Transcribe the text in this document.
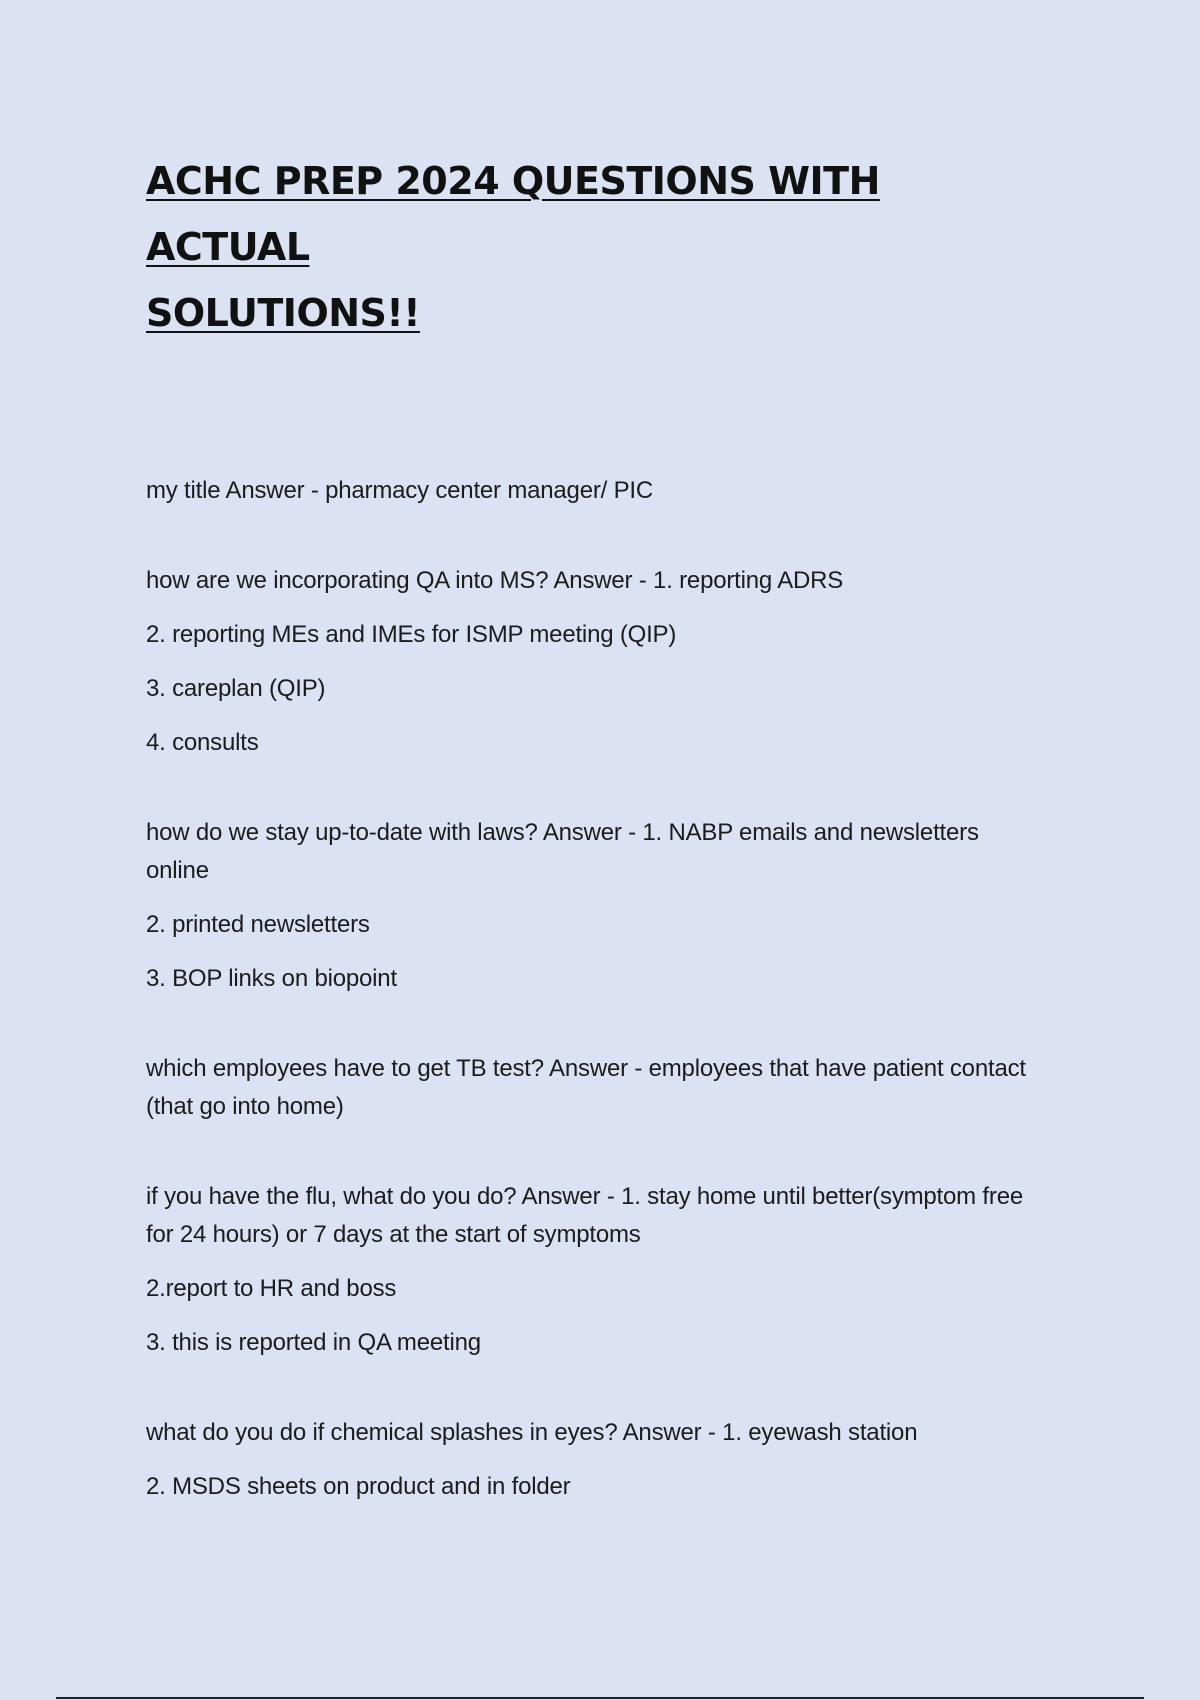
ACHC PREP 2024 QUESTIONS WITH ACTUAL
SOLUTIONS!!

my title Answer - pharmacy center manager/ PIC

how are we incorporating QA into MS? Answer - 1. reporting ADRS

2. reporting MEs and IMEs for ISMP meeting (QIP)

3. careplan (QIP)

4. consults

how do we stay up-to-date with laws? Answer - 1. NABP emails and newsletters online

2. printed newsletters

3. BOP links on biopoint

which employees have to get TB test? Answer - employees that have patient contact (that go into home)

if you have the flu, what do you do? Answer - 1. stay home until better(symptom free for 24 hours) or 7 days at the start of symptoms

2.report to HR and boss

3. this is reported in QA meeting

what do you do if chemical splashes in eyes? Answer - 1. eyewash station

2. MSDS sheets on product and in folder
